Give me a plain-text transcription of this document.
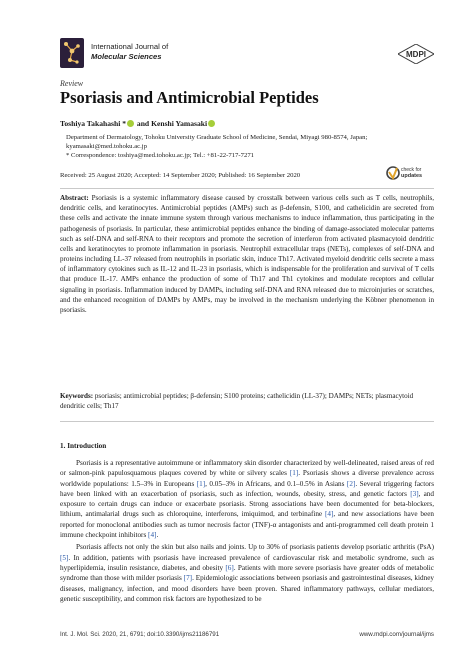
International Journal of
Molecular Sciences	MDPI
Review
Psoriasis and Antimicrobial Peptides
Toshiya Takahashi * and Kenshi Yamasaki
Department of Dermatology, Tohoku University Graduate School of Medicine, Sendai, Miyagi 980-8574, Japan; kyamasaki@med.tohoku.ac.jp
* Correspondence: toshiya@med.tohoku.ac.jp; Tel.: +81-22-717-7271
Received: 25 August 2020; Accepted: 14 September 2020; Published: 16 September 2020
check for
updates
Abstract: Psoriasis is a systemic inflammatory disease caused by crosstalk between various cells such as T cells, neutrophils, dendritic cells, and keratinocytes. Antimicrobial peptides (AMPs) such as β-defensin, S100, and cathelicidin are secreted from these cells and activate the innate immune system through various mechanisms to induce inflammation, thus participating in the pathogenesis of psoriasis. In particular, these antimicrobial peptides enhance the binding of damage-associated molecular patterns such as self-DNA and self-RNA to their receptors and promote the secretion of interferon from activated plasmacytoid dendritic cells and keratinocytes to promote inflammation in psoriasis. Neutrophil extracellular traps (NETs), complexes of self-DNA and proteins including LL-37 released from neutrophils in psoriatic skin, induce Th17. Activated myeloid dendritic cells secrete a mass of inflammatory cytokines such as IL-12 and IL-23 in psoriasis, which is indispensable for the proliferation and survival of T cells that produce IL-17. AMPs enhance the production of some of Th17 and Th1 cytokines and modulate receptors and cellular signaling in psoriasis. Inflammation induced by DAMPs, including self-DNA and RNA released due to microinjuries or scratches, and the enhanced recognition of DAMPs by AMPs, may be involved in the mechanism underlying the Köbner phenomenon in psoriasis.
Keywords: psoriasis; antimicrobial peptides; β-defensin; S100 proteins; cathelicidin (LL-37); DAMPs; NETs; plasmacytoid dendritic cells; Th17
1. Introduction

Psoriasis is a representative autoimmune or inflammatory skin disorder characterized by well-delineated, raised areas of red or salmon-pink papulosquamous plaques covered by white or silvery scales [1]. Psoriasis shows a diverse prevalence across worldwide populations: 1.5–3% in Europeans [1], 0.05–3% in Africans, and 0.1–0.5% in Asians [2]. Several triggering factors have been linked with an exacerbation of psoriasis, such as infection, wounds, obesity, stress, and genetic factors [3], and exposure to certain drugs can induce or exacerbate psoriasis. Strong associations have been documented for beta-blockers, lithium, antimalarial drugs such as chloroquine, interferons, imiquimod, and terbinafine [4], and new associations have been reported for monoclonal antibodies such as tumor necrosis factor (TNF)-α antagonists and anti-programmed cell death protein 1 immune checkpoint inhibitors [4].

Psoriasis affects not only the skin but also nails and joints. Up to 30% of psoriasis patients develop psoriatic arthritis (PsA) [5]. In addition, patients with psoriasis have increased prevalence of cardiovascular risk and metabolic syndrome, such as hyperlipidemia, insulin resistance, diabetes, and obesity [6]. Patients with more severe psoriasis have greater odds of metabolic syndrome than those with milder psoriasis [7]. Epidemiologic associations between psoriasis and gastrointestinal diseases, kidney diseases, malignancy, infection, and mood disorders have been proven. Shared inflammatory pathways, cellular mediators, genetic susceptibility, and common risk factors are hypothesized to be

Int. J. Mol. Sci. 2020, 21, 6791; doi:10.3390/ijms21186791	www.mdpi.com/journal/ijms
